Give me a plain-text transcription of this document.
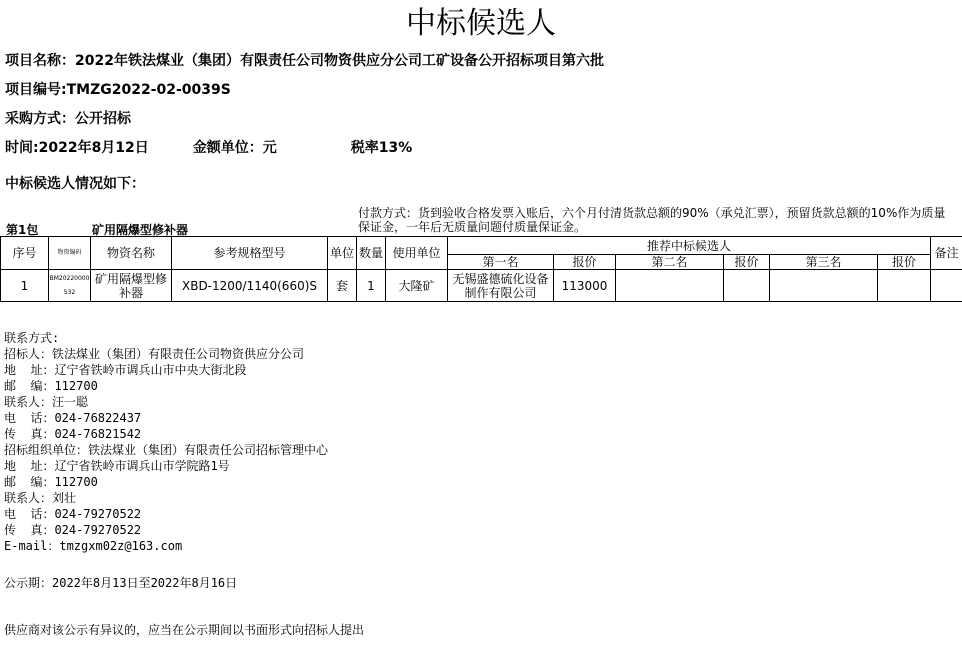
中标候选人
项目名称：2022年铁法煤业（集团）有限责任公司物资供应分公司工矿设备公开招标项目第六批
项目编号:TMZG2022-02-0039S
采购方式：公开招标
时间:2022年8月12日	金额单位：元	税率13%
中标候选人情况如下：
第1包	矿用隔爆型修补器
付款方式：货到验收合格发票入账后，六个月付清货款总额的90%（承兑汇票），预留货款总额的10%作为质量保证金，一年后无质量问题付质量保证金。
序号	物资编码	物资名称	参考规格型号	单位	数量	使用单位	推荐中标候选人						备注
							第一名	报价	第二名	报价	第三名	报价	
1	BM20220000532	矿用隔爆型修补器	XBD-1200/1140(660)S	套	1	大隆矿	无锡盛德硫化设备制作有限公司	113000					
联系方式:
招标人：铁法煤业（集团）有限责任公司物资供应分公司
地  址：辽宁省铁岭市调兵山市中央大街北段
邮  编：112700
联系人：汪一聪
电  话：024-76822437
传  真：024-76821542
招标组织单位：铁法煤业（集团）有限责任公司招标管理中心
地  址：辽宁省铁岭市调兵山市学院路1号
邮  编：112700
联系人：刘壮
电  话：024-79270522
传  真：024-79270522
E-mail：tmzgxm02z@163.com
公示期：2022年8月13日至2022年8月16日
供应商对该公示有异议的，应当在公示期间以书面形式向招标人提出
